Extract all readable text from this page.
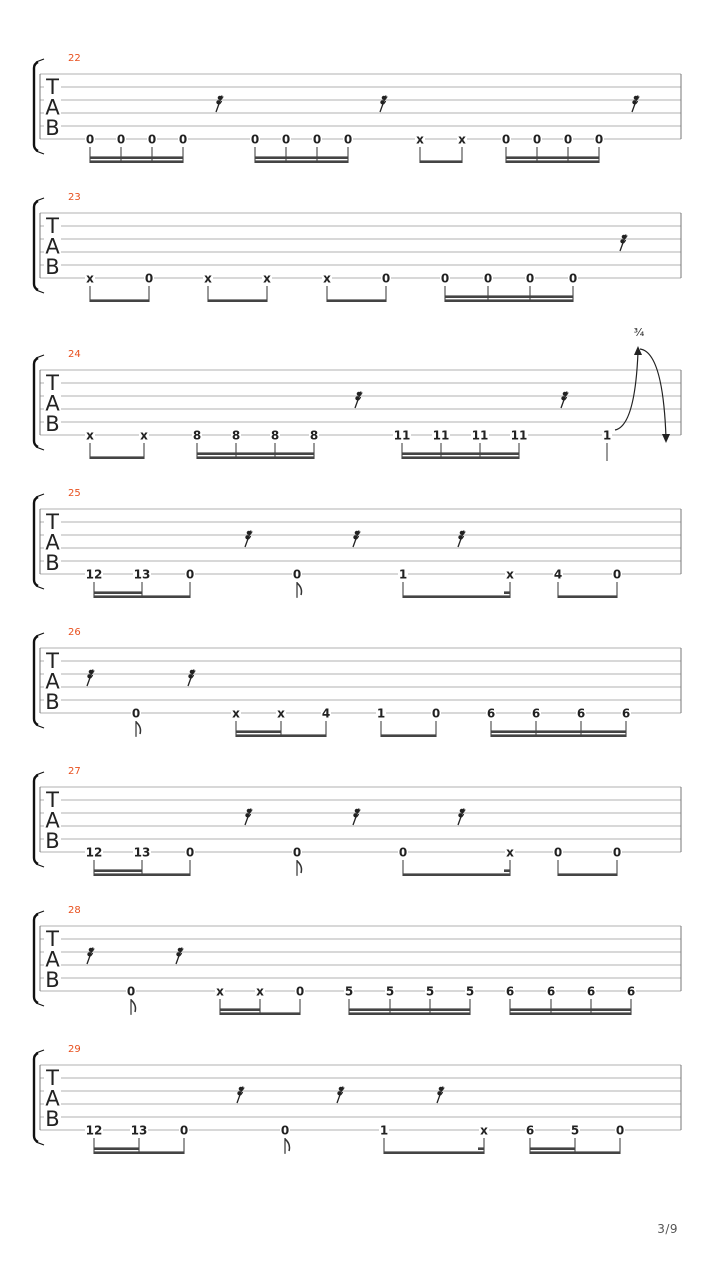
22
T
A
B 0 0 0 0	0 0 0 0	x	x	0 0 0 0
23
T
A
B x	0	x	x	x	0	0	0	0	0
24
T
A
B x	x	8	8	8	8	11 11 11 11	1
³⁄₄
25
T
A
B 12	13	0	0	1	x	4	0
26
T
A
B	0	x	x	4	1	0	6	6	6	6
27
T
A
B 12	13	0	0	0	x	0	0
28
T
A
B	0	x	x	0	5	5	5	5	6	6	6	6
29
T
A
B 12 13	0	0	1	x	6	5	0
3/9
